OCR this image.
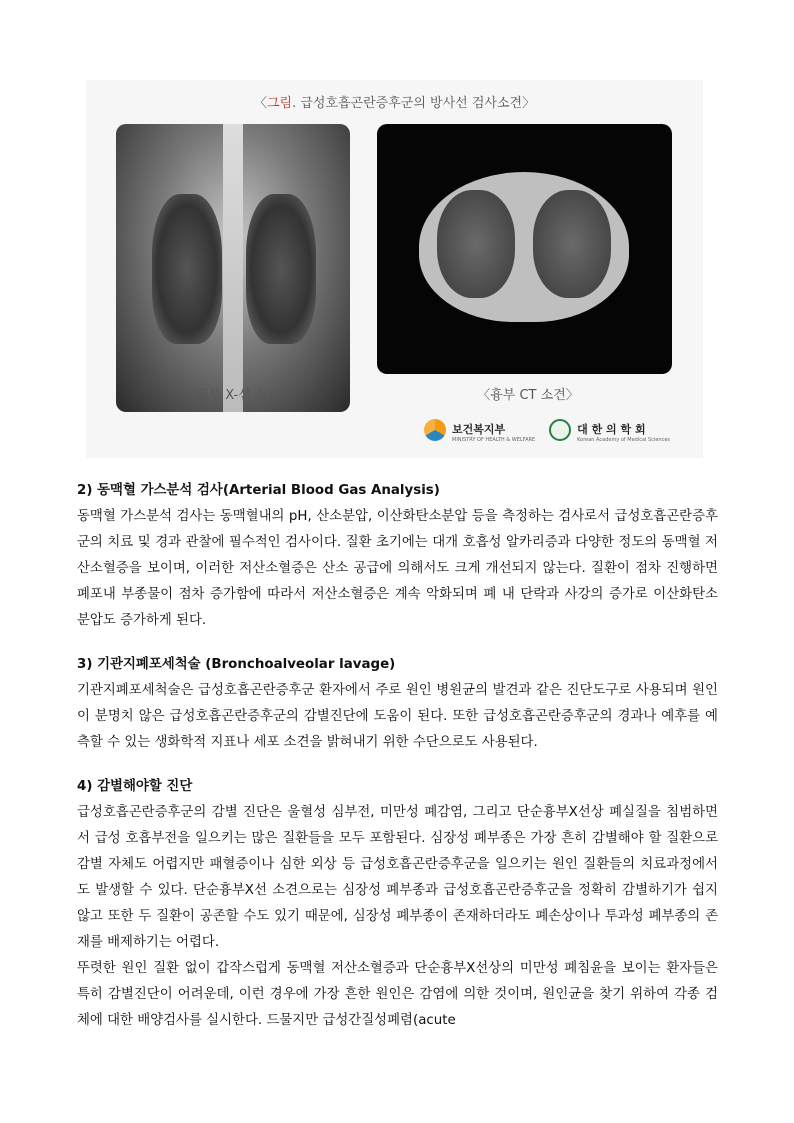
〈그림. 급성호흡곤란증후군의 방사선 검사소견〉
〈흉부 X-선 소견〉	〈흉부 CT 소견〉
보건복지부
MINISTRY OF HEALTH & WELFARE
대 한 의 학 회
Korean Academy of Medical Sciences

2) 동맥혈 가스분석 검사(Arterial Blood Gas Analysis)

동맥혈 가스분석 검사는 동맥혈내의 pH, 산소분압, 이산화탄소분압 등을 측정하는 검사로서 급성호흡곤란증후군의 치료 및 경과 관찰에 필수적인 검사이다. 질환 초기에는 대개 호흡성 알카리증과 다양한 정도의 동맥혈 저산소혈증을 보이며, 이러한 저산소혈증은 산소 공급에 의해서도 크게 개선되지 않는다. 질환이 점차 진행하면 폐포내 부종물이 점차 증가함에 따라서 저산소혈증은 계속 악화되며 폐 내 단락과 사강의 증가로 이산화탄소 분압도 증가하게 된다.

3) 기관지폐포세척술 (Bronchoalveolar lavage)

기관지폐포세척술은 급성호흡곤란증후군 환자에서 주로 원인 병원균의 발견과 같은 진단도구로 사용되며 원인이 분명치 않은 급성호흡곤란증후군의 감별진단에 도움이 된다. 또한 급성호흡곤란증후군의 경과나 예후를 예측할 수 있는 생화학적 지표나 세포 소견을 밝혀내기 위한 수단으로도 사용된다.

4) 감별해야할 진단

급성호흡곤란증후군의 감별 진단은 울혈성 심부전, 미만성 폐감염, 그리고 단순흉부X선상 폐실질을 침범하면서 급성 호흡부전을 일으키는 많은 질환들을 모두 포함된다. 심장성 폐부종은 가장 흔히 감별해야 할 질환으로 감별 자체도 어렵지만 패혈증이나 심한 외상 등 급성호흡곤란증후군을 일으키는 원인 질환들의 치료과정에서도 발생할 수 있다. 단순흉부X선 소견으로는 심장성 폐부종과 급성호흡곤란증후군을 정확히 감별하기가 쉽지 않고 또한 두 질환이 공존할 수도 있기 때문에, 심장성 폐부종이 존재하더라도 폐손상이나 투과성 폐부종의 존재를 배제하기는 어렵다.

뚜렷한 원인 질환 없이 갑작스럽게 동맥혈 저산소혈증과 단순흉부X선상의 미만성 폐침윤을 보이는 환자들은 특히 감별진단이 어려운데, 이런 경우에 가장 흔한 원인은 감염에 의한 것이며, 원인균을 찾기 위하여 각종 검체에 대한 배양검사를 실시한다. 드물지만 급성간질성폐렴(acute
